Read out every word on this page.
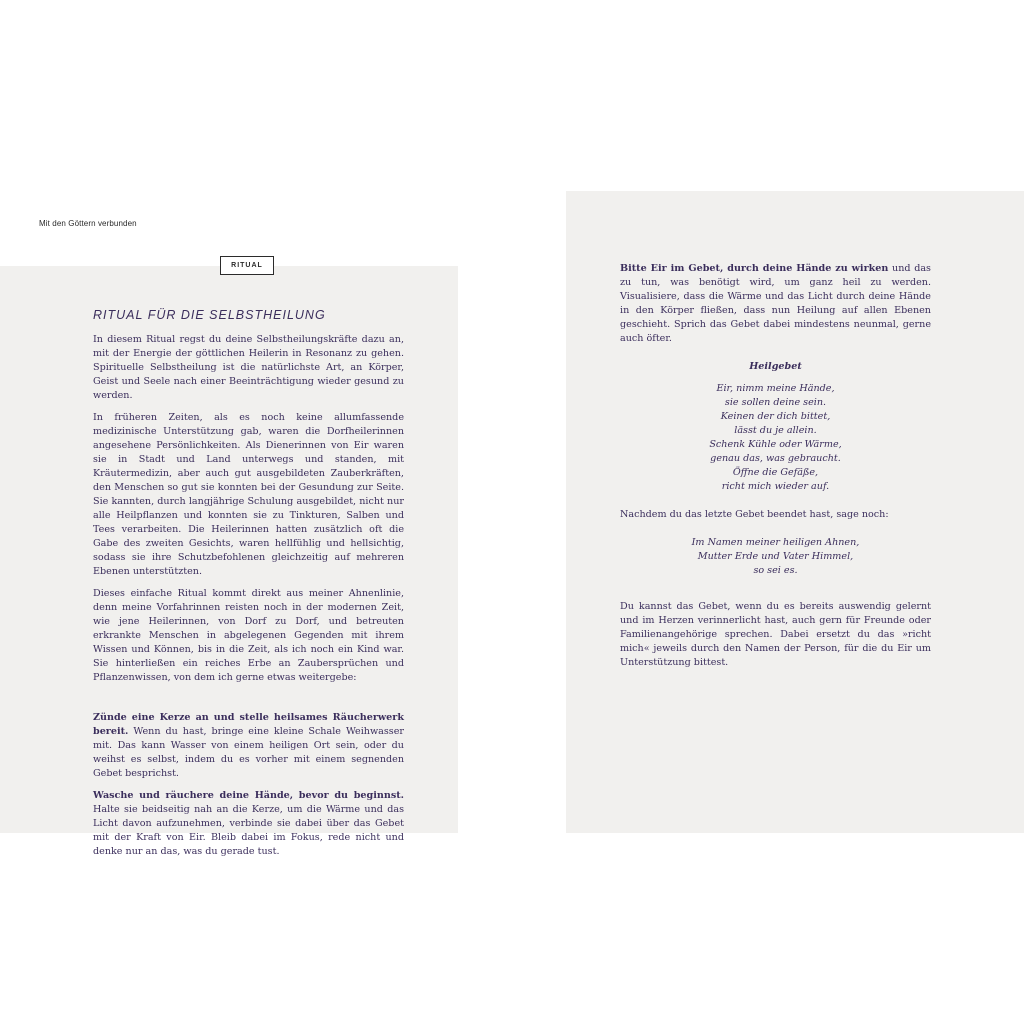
Mit den Göttern verbunden
RITUAL
RITUAL FÜR DIE SELBSTHEILUNG

In diesem Ritual regst du deine Selbstheilungskräfte dazu an, mit der Energie der göttlichen Heilerin in Resonanz zu gehen. Spirituelle Selbstheilung ist die natürlichste Art, an Körper, Geist und Seele nach einer Beeinträchtigung wieder gesund zu werden.

In früheren Zeiten, als es noch keine allumfassende medizinische Unterstützung gab, waren die Dorfheilerinnen angesehene Persönlichkeiten. Als Dienerinnen von Eir waren sie in Stadt und Land unterwegs und standen, mit Kräutermedizin, aber auch gut ausgebildeten Zauberkräften, den Menschen so gut sie konnten bei der Gesundung zur Seite. Sie kannten, durch langjährige Schulung ausgebildet, nicht nur alle Heilpflanzen und konnten sie zu Tinkturen, Salben und Tees verarbeiten. Die Heilerinnen hatten zusätzlich oft die Gabe des zweiten Gesichts, waren hellfühlig und hellsichtig, sodass sie ihre Schutzbefohlenen gleichzeitig auf mehreren Ebenen unterstützten.

Dieses einfache Ritual kommt direkt aus meiner Ahnenlinie, denn meine Vorfahrinnen reisten noch in der modernen Zeit, wie jene Heilerinnen, von Dorf zu Dorf, und betreuten erkrankte Menschen in abgelegenen Gegenden mit ihrem Wissen und Können, bis in die Zeit, als ich noch ein Kind war. Sie hinterließen ein reiches Erbe an Zaubersprüchen und Pflanzenwissen, von dem ich gerne etwas weitergebe:

Zünde eine Kerze an und stelle heilsames Räucherwerk bereit. Wenn du hast, bringe eine kleine Schale Weihwasser mit. Das kann Wasser von einem heiligen Ort sein, oder du weihst es selbst, indem du es vorher mit einem segnenden Gebet besprichst.

Wasche und räuchere deine Hände, bevor du beginnst. Halte sie beidseitig nah an die Kerze, um die Wärme und das Licht davon aufzunehmen, verbinde sie dabei über das Gebet mit der Kraft von Eir. Bleib dabei im Fokus, rede nicht und denke nur an das, was du gerade tust.

Bitte Eir im Gebet, durch deine Hände zu wirken und das zu tun, was benötigt wird, um ganz heil zu werden. Visualisiere, dass die Wärme und das Licht durch deine Hände in den Körper fließen, dass nun Heilung auf allen Ebenen geschieht. Sprich das Gebet dabei mindestens neunmal, gerne auch öfter.

Heilgebet

Eir, nimm meine Hände,
sie sollen deine sein.
Keinen der dich bittet,
lässt du je allein.
Schenk Kühle oder Wärme,
genau das, was gebraucht.
Öffne die Gefäße,
richt mich wieder auf.

Nachdem du das letzte Gebet beendet hast, sage noch:

Im Namen meiner heiligen Ahnen,
Mutter Erde und Vater Himmel,
so sei es.

Du kannst das Gebet, wenn du es bereits auswendig gelernt und im Herzen verinnerlicht hast, auch gern für Freunde oder Familienangehörige sprechen. Dabei ersetzt du das »richt mich« jeweils durch den Namen der Person, für die du Eir um Unterstützung bittest.
